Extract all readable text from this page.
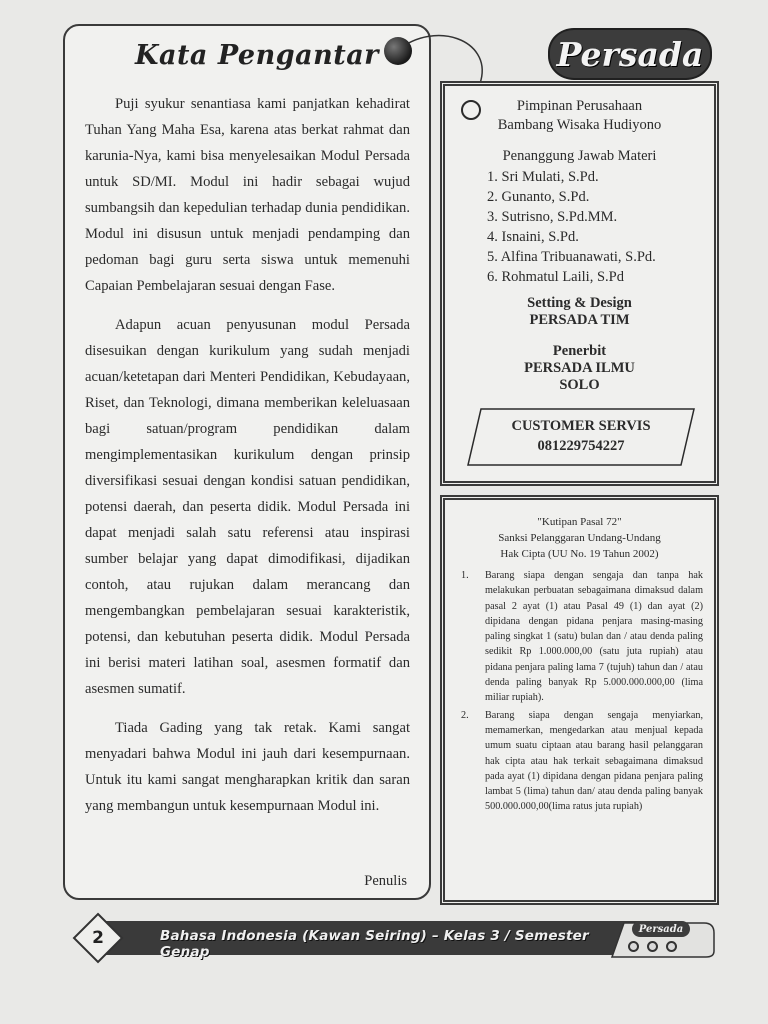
Kata Pengantar

Puji syukur senantiasa kami panjatkan kehadirat Tuhan Yang Maha Esa, karena atas berkat rahmat dan karunia-Nya, kami bisa menyelesaikan Modul Persada untuk SD/MI. Modul ini hadir sebagai wujud sumbangsih dan kepedulian terhadap dunia pendidikan. Modul ini disusun untuk menjadi pendamping dan pedoman bagi guru serta siswa untuk memenuhi Capaian Pembelajaran sesuai dengan Fase.

Adapun acuan penyusunan modul Persada disesuikan dengan kurikulum yang sudah menjadi acuan/ketetapan dari Menteri Pendidikan, Kebudayaan, Riset, dan Teknologi, dimana memberikan keleluasaan bagi satuan/program pendidikan dalam mengimplementasikan kurikulum dengan prinsip diversifikasi sesuai dengan kondisi satuan pendidikan, potensi daerah, dan peserta didik. Modul Persada ini dapat menjadi salah satu referensi atau inspirasi sumber belajar yang dapat dimodifikasi, dijadikan contoh, atau rujukan dalam merancang dan mengembangkan pembelajaran sesuai karakteristik, potensi, dan kebutuhan peserta didik. Modul Persada ini berisi materi latihan soal, asesmen formatif dan asesmen sumatif.

Tiada Gading yang tak retak. Kami sangat menyadari bahwa Modul ini jauh dari kesempurnaan. Untuk itu kami sangat mengharapkan kritik dan saran yang membangun untuk kesempurnaan Modul ini.

Penulis
Persada
Pimpinan Perusahaan
Bambang Wisaka Hudiyono
Penanggung Jawab Materi
1. Sri Mulati, S.Pd.
2. Gunanto, S.Pd.
3. Sutrisno, S.Pd.MM.
4. Isnaini, S.Pd.
5. Alfina Tribuanawati, S.Pd.
6. Rohmatul Laili, S.Pd
Setting & Design
PERSADA TIM
Penerbit
PERSADA ILMU
SOLO
CUSTOMER SERVIS
081229754227
"Kutipan Pasal 72"
Sanksi Pelanggaran Undang-Undang
Hak Cipta (UU No. 19 Tahun 2002)
1. Barang siapa dengan sengaja dan tanpa hak melakukan perbuatan sebagaimana dimaksud dalam pasal 2 ayat (1) atau Pasal 49 (1) dan ayat (2) dipidana dengan pidana penjara masing-masing paling singkat 1 (satu) bulan dan / atau denda paling sedikit Rp 1.000.000,00 (satu juta rupiah) atau pidana penjara paling lama 7 (tujuh) tahun dan / atau denda paling banyak Rp 5.000.000.000,00 (lima miliar rupiah).
2. Barang siapa dengan sengaja menyiarkan, memamerkan, mengedarkan atau menjual kepada umum suatu ciptaan atau barang hasil pelanggaran hak cipta atau hak terkait sebagaimana dimaksud pada ayat (1) dipidana dengan pidana penjara paling lambat 5 (lima) tahun dan/ atau denda paling banyak 500.000.000,00(lima ratus juta rupiah)
2	Bahasa Indonesia (Kawan Seiring) – Kelas 3 / Semester Genap
Persada
